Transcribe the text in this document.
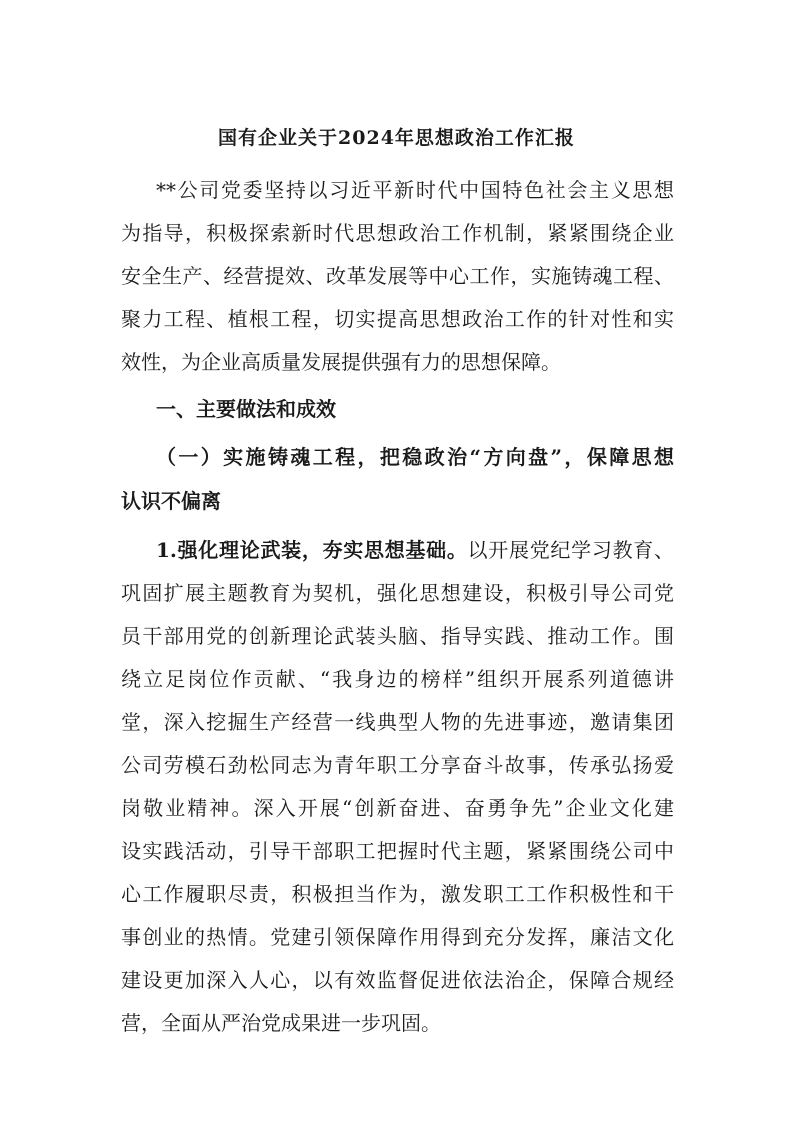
国有企业关于2024年思想政治工作汇报
**公司党委坚持以习近平新时代中国特色社会主义思想
为指导，积极探索新时代思想政治工作机制，紧紧围绕企业
安全生产、经营提效、改革发展等中心工作，实施铸魂工程、
聚力工程、植根工程，切实提高思想政治工作的针对性和实
效性，为企业高质量发展提供强有力的思想保障。
一、主要做法和成效
（一）实施铸魂工程，把稳政治“方向盘”，保障思想
认识不偏离
1.强化理论武装，夯实思想基础。以开展党纪学习教育、
巩固扩展主题教育为契机，强化思想建设，积极引导公司党
员干部用党的创新理论武装头脑、指导实践、推动工作。围
绕立足岗位作贡献、“我身边的榜样”组织开展系列道德讲
堂，深入挖掘生产经营一线典型人物的先进事迹，邀请集团
公司劳模石劲松同志为青年职工分享奋斗故事，传承弘扬爱
岗敬业精神。深入开展“创新奋进、奋勇争先”企业文化建
设实践活动，引导干部职工把握时代主题，紧紧围绕公司中
心工作履职尽责，积极担当作为，激发职工工作积极性和干
事创业的热情。党建引领保障作用得到充分发挥，廉洁文化
建设更加深入人心，以有效监督促进依法治企，保障合规经
营，全面从严治党成果进一步巩固。
